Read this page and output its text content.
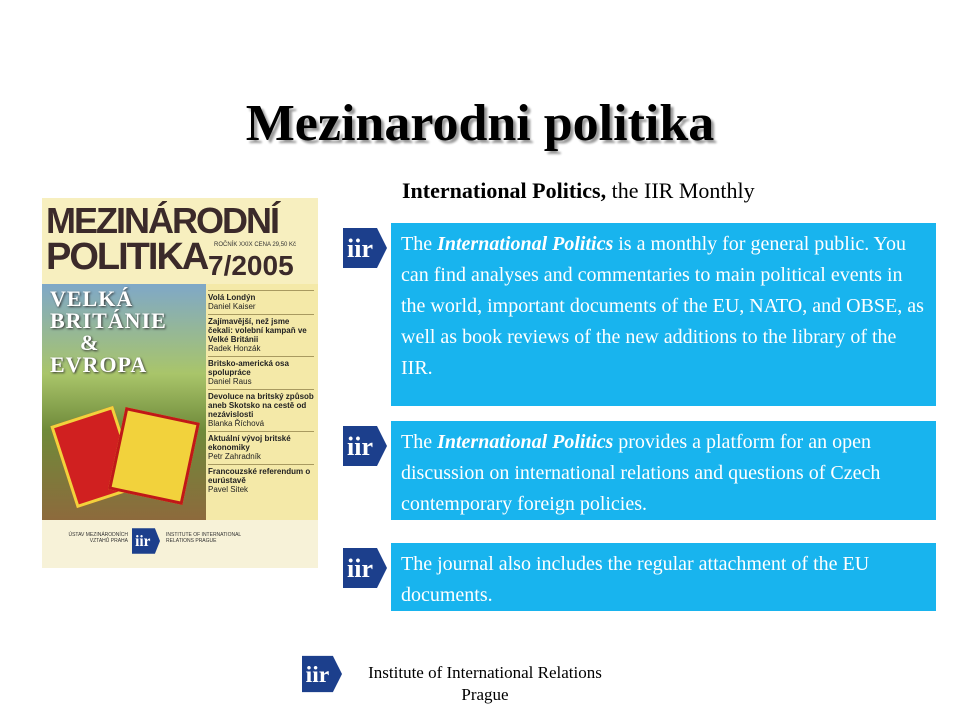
Mezinarodni politika
International Politics, the IIR Monthly
MEZINÁRODNÍ
POLITIKA ROČNÍK XXIX CENA 29,50 Kč
7/2005
VELKÁ
BRITÁNIE
&
EVROPA
Volá Londýn
Daniel Kaiser
Zajímavější, než jsme čekali: volební kampaň ve Velké Británii
Radek Honzák
Britsko-americká osa spolupráce
Daniel Raus
Devoluce na britský způsob aneb Skotsko na cestě od nezávislosti
Blanka Říchová
Aktuální vývoj britské ekonomiky
Petr Zahradník
Francouzské referendum o eurústavě
Pavel Sitek
ÚSTAV MEZINÁRODNÍCH VZTAHŮ PRAHA iir	INSTITUTE OF INTERNATIONAL RELATIONS PRAGUE
iir	The International Politics is a monthly for general public. You can find analyses and commentaries to main political events in the world, important documents of the EU, NATO, and OBSE, as well as book reviews of the new additions to the library of the IIR.
iir	The International Politics provides a platform for an open discussion on international relations and questions of Czech contemporary foreign policies.
iir	The journal also includes the regular attachment of the EU documents.
iir	Institute of International Relations
Prague
